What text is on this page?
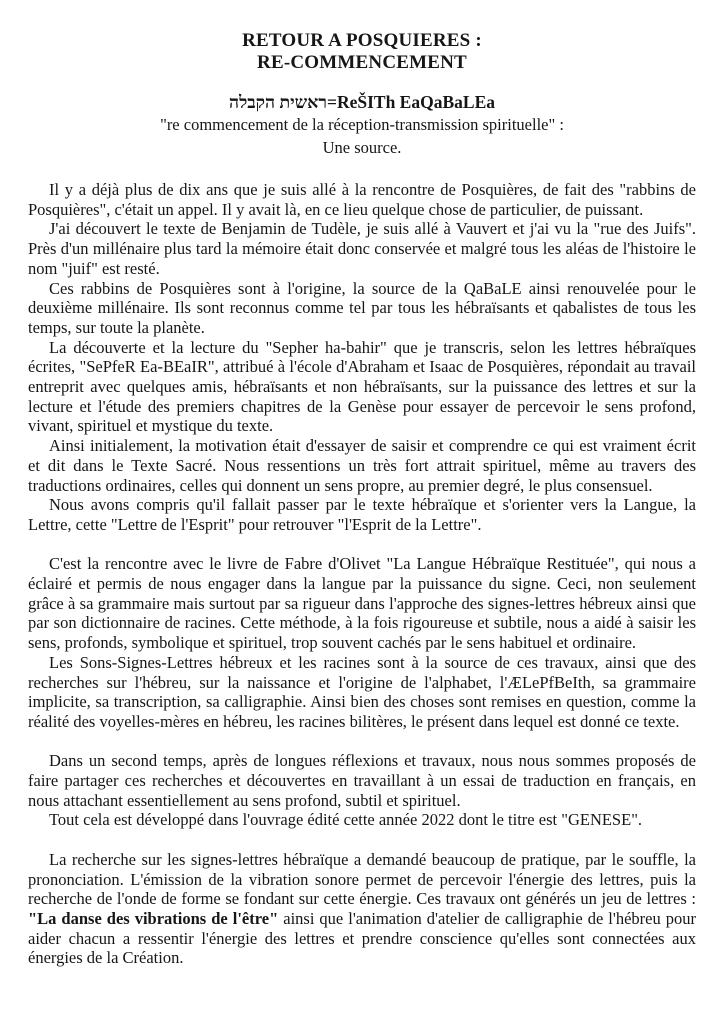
RETOUR A POSQUIERES :
RE-COMMENCEMENT

ראשית הקבלה=ReŠITh EaQaBaLEa

"re commencement de la réception-transmission spirituelle" :

Une source.

Il y a déjà plus de dix ans que je suis allé à la rencontre de Posquières, de fait des "rabbins de Posquières", c'était un appel. Il y avait là, en ce lieu quelque chose de particulier, de puissant.

J'ai découvert le texte de Benjamin de Tudèle, je suis allé à Vauvert et j'ai vu la "rue des Juifs". Près d'un millénaire plus tard la mémoire était donc conservée et malgré tous les aléas de l'histoire le nom "juif" est resté.

Ces rabbins de Posquières sont à l'origine, la source de la QaBaLE ainsi renouvelée pour le deuxième millénaire. Ils sont reconnus comme tel par tous les hébraïsants et qabalistes de tous les temps, sur toute la planète.

La découverte et la lecture du "Sepher ha-bahir" que je transcris, selon les lettres hébraïques écrites, "SePfeR Ea-BEaIR", attribué à l'école d'Abraham et Isaac de Posquières, répondait au travail entreprit avec quelques amis, hébraïsants et non hébraïsants, sur la puissance des lettres et sur la lecture et l'étude des premiers chapitres de la Genèse pour essayer de percevoir le sens profond, vivant, spirituel et mystique du texte.

Ainsi initialement, la motivation était d'essayer de saisir et comprendre ce qui est vraiment écrit et dit dans le Texte Sacré. Nous ressentions un très fort attrait spirituel, même au travers des traductions ordinaires, celles qui donnent un sens propre, au premier degré, le plus consensuel.

Nous avons compris qu'il fallait passer par le texte hébraïque et s'orienter vers la Langue, la Lettre, cette "Lettre de l'Esprit" pour retrouver "l'Esprit de la Lettre".

C'est la rencontre avec le livre de Fabre d'Olivet "La Langue Hébraïque Restituée", qui nous a éclairé et permis de nous engager dans la langue par la puissance du signe. Ceci, non seulement grâce à sa grammaire mais surtout par sa rigueur dans l'approche des signes-lettres hébreux ainsi que par son dictionnaire de racines. Cette méthode, à la fois rigoureuse et subtile, nous a aidé à saisir les sens, profonds, symbolique et spirituel, trop souvent cachés par le sens habituel et ordinaire.

Les Sons-Signes-Lettres hébreux et les racines sont à la source de ces travaux, ainsi que des recherches sur l'hébreu, sur la naissance et l'origine de l'alphabet, l'ÆLePfBeIth, sa grammaire implicite, sa transcription, sa calligraphie. Ainsi bien des choses sont remises en question, comme la réalité des voyelles-mères en hébreu, les racines bilitères, le présent dans lequel est donné ce texte.

Dans un second temps, après de longues réflexions et travaux, nous nous sommes proposés de faire partager ces recherches et découvertes en travaillant à un essai de traduction en français, en nous attachant essentiellement au sens profond, subtil et spirituel.

Tout cela est développé dans l'ouvrage édité cette année 2022 dont le titre est "GENESE".

La recherche sur les signes-lettres hébraïque a demandé beaucoup de pratique, par le souffle, la prononciation. L'émission de la vibration sonore permet de percevoir l'énergie des lettres, puis la recherche de l'onde de forme se fondant sur cette énergie. Ces travaux ont générés un jeu de lettres : "La danse des vibrations de l'être" ainsi que l'animation d'atelier de calligraphie de l'hébreu pour aider chacun a ressentir l'énergie des lettres et prendre conscience qu'elles sont connectées aux énergies de la Création.
